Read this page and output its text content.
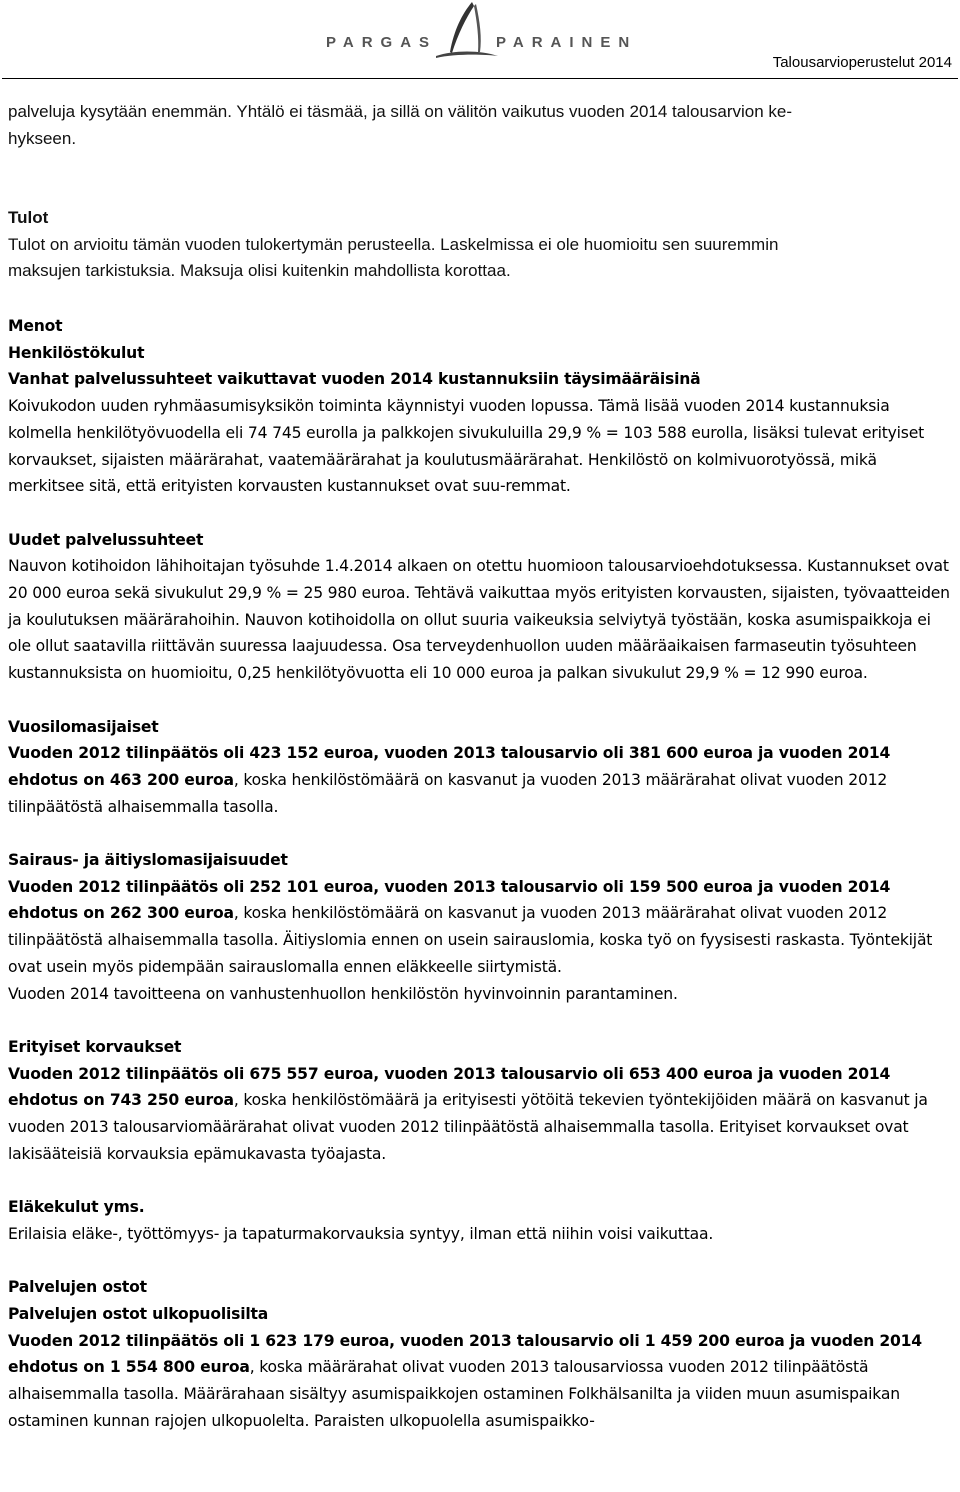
PARGAS	PARAINEN
Talousarvioperustelut 2014
palveluja kysytään enemmän. Yhtälö ei täsmää, ja sillä on välitön vaikutus vuoden 2014 talousarvion ke-
hykseen.
Tulot
Tulot on arvioitu tämän vuoden tulokertymän perusteella. Laskelmissa ei ole huomioitu sen suuremmin
maksujen tarkistuksia. Maksuja olisi kuitenkin mahdollista korottaa.

Menot

Henkilöstökulut

Vanhat palvelussuhteet vaikuttavat vuoden 2014 kustannuksiin täysimääräisinä

Koivukodon uuden ryhmäasumisyksikön toiminta käynnistyi vuoden lopussa. Tämä lisää vuoden 2014 kustannuksia kolmella henkilötyövuodella eli 74 745 eurolla ja palkkojen sivukuluilla 29,9 % = 103 588 eurolla, lisäksi tulevat erityiset korvaukset, sijaisten määrärahat, vaatemäärärahat ja koulutusmäärärahat. Henkilöstö on kolmivuorotyössä, mikä merkitsee sitä, että erityisten korvausten kustannukset ovat suu-remmat.

Uudet palvelussuhteet

Nauvon kotihoidon lähihoitajan työsuhde 1.4.2014 alkaen on otettu huomioon talousarvioehdotuksessa. Kustannukset ovat 20 000 euroa sekä sivukulut 29,9 % = 25 980 euroa. Tehtävä vaikuttaa myös erityisten korvausten, sijaisten, työvaatteiden ja koulutuksen määrärahoihin. Nauvon kotihoidolla on ollut suuria vaikeuksia selviytyä työstään, koska asumispaikkoja ei ole ollut saatavilla riittävän suuressa laajuudessa. Osa terveydenhuollon uuden määräaikaisen farmaseutin työsuhteen kustannuksista on huomioitu, 0,25 henkilötyövuotta eli 10 000 euroa ja palkan sivukulut 29,9 % = 12 990 euroa.

Vuosilomasijaiset

Vuoden 2012 tilinpäätös oli 423 152 euroa, vuoden 2013 talousarvio oli 381 600 euroa ja vuoden 2014 ehdotus on 463 200 euroa, koska henkilöstömäärä on kasvanut ja vuoden 2013 määrärahat olivat vuoden 2012 tilinpäätöstä alhaisemmalla tasolla.

Sairaus- ja äitiyslomasijaisuudet

Vuoden 2012 tilinpäätös oli 252 101 euroa, vuoden 2013 talousarvio oli 159 500 euroa ja vuoden 2014 ehdotus on 262 300 euroa, koska henkilöstömäärä on kasvanut ja vuoden 2013 määrärahat olivat vuoden 2012 tilinpäätöstä alhaisemmalla tasolla. Äitiyslomia ennen on usein sairauslomia, koska työ on fyysisesti raskasta. Työntekijät ovat usein myös pidempään sairauslomalla ennen eläkkeelle siirtymistä.

Vuoden 2014 tavoitteena on vanhustenhuollon henkilöstön hyvinvoinnin parantaminen.

Erityiset korvaukset

Vuoden 2012 tilinpäätös oli 675 557 euroa, vuoden 2013 talousarvio oli 653 400 euroa ja vuoden 2014 ehdotus on 743 250 euroa, koska henkilöstömäärä ja erityisesti yötöitä tekevien työntekijöiden määrä on kasvanut ja vuoden 2013 talousarviomäärärahat olivat vuoden 2012 tilinpäätöstä alhaisemmalla tasolla. Erityiset korvaukset ovat lakisääteisiä korvauksia epämukavasta työajasta.

Eläkekulut yms.

Erilaisia eläke-, työttömyys- ja tapaturmakorvauksia syntyy, ilman että niihin voisi vaikuttaa.

Palvelujen ostot

Palvelujen ostot ulkopuolisilta

Vuoden 2012 tilinpäätös oli 1 623 179 euroa, vuoden 2013 talousarvio oli 1 459 200 euroa ja vuoden 2014 ehdotus on 1 554 800 euroa, koska määrärahat olivat vuoden 2013 talousarviossa vuoden 2012 tilinpäätöstä alhaisemmalla tasolla. Määrärahaan sisältyy asumispaikkojen ostaminen Folkhälsanilta ja viiden muun asumispaikan ostaminen kunnan rajojen ulkopuolelta. Paraisten ulkopuolella asumispaikko-
